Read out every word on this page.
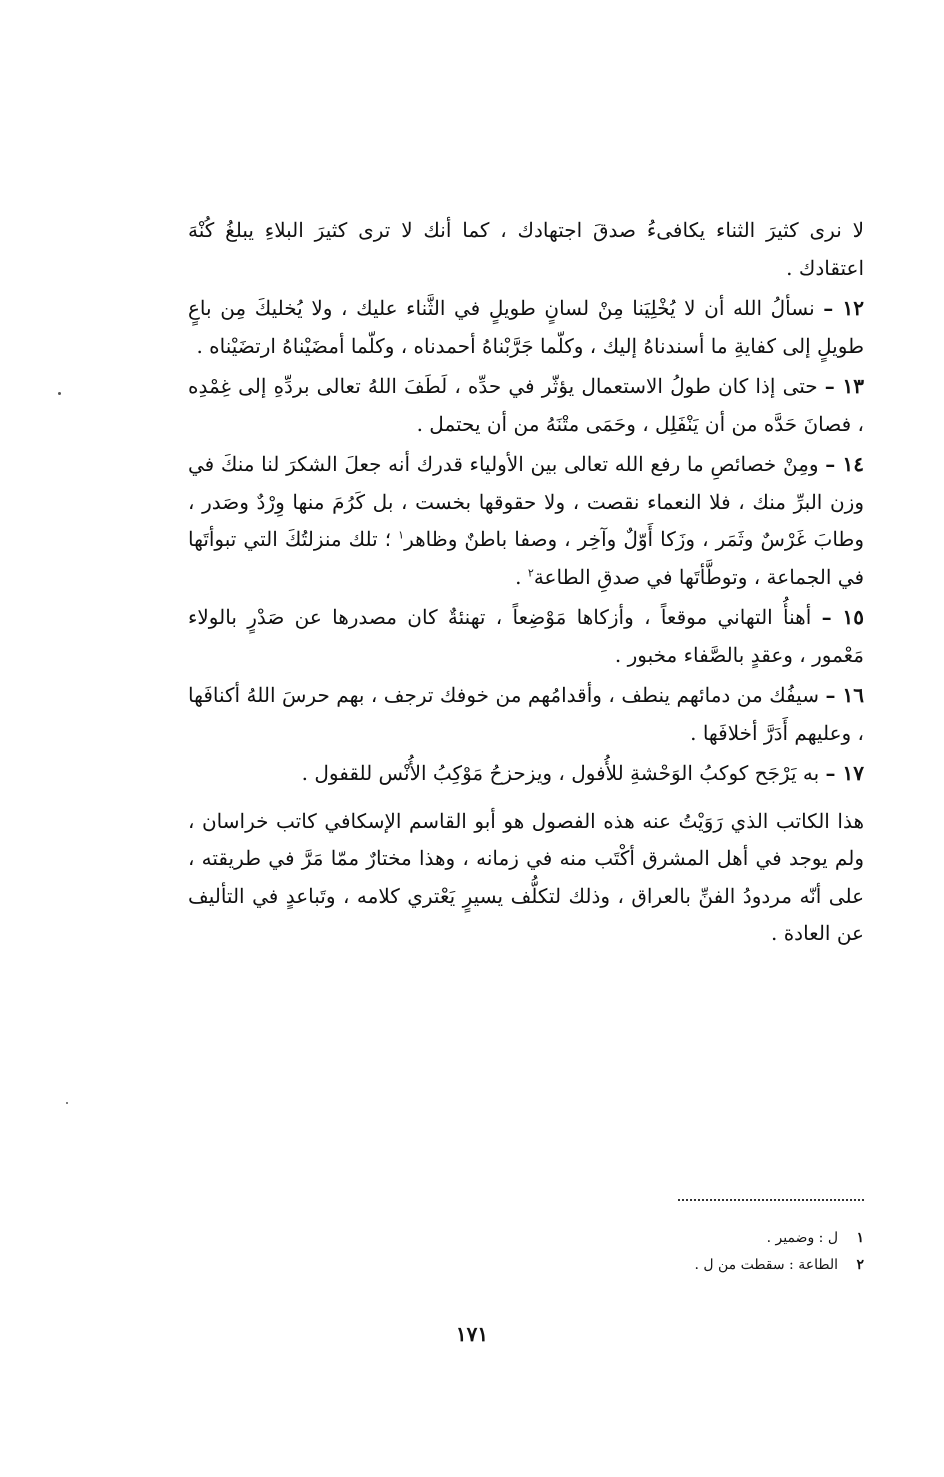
لا نرى كثيرَ الثناء يكافىءُ صدقَ اجتهادك ، كما أنك لا ترى كثيرَ البلاءِ يبلغُ كُنْهَ اعتقادك .

١٢ – نسألُ الله أن لا يُخْلِيَنا مِنْ لسانٍ طويلٍ في الثَّناء عليك ، ولا يُخليكَ مِن باعٍ طويلٍ إلى كفايةِ ما أسندناهُ إليك ، وكلّما جَرَّبْناهُ أحمدناه ، وكلّما أمضَيْناهُ ارتضَيْناه .

١٣ – حتى إذا كان طولُ الاستعمال يؤثّر في حدِّه ، لَطَفَ اللهُ تعالى بردِّهِ إلى غِمْدِه ، فصانَ حَدَّه من أن يَنْفَلِل ، وحَمَى متْنَهُ من أن يحتمل .

١٤ – ومِنْ خصائصِ ما رفع الله تعالى بين الأولياء قدرك أنه جعلَ الشكرَ لنا منكَ في وزن البرِّ منك ، فلا النعماء نقصت ، ولا حقوقها بخست ، بل كَرُمَ منها وِرْدٌ وصَدر ، وطابَ غَرْسٌ وثَمَر ، وزَكا أَوّلٌ وآخِر ، وصفا باطنٌ وظاهر$^١$ ؛ تلك منزلتُكَ التي تبوأتَها في الجماعة ، وتوطَّأتَها في صدقِ الطاعة$^٢$ .

١٥ – أهنأُ التهاني موقعاً ، وأزكاها مَوْضِعاً ، تهنئةٌ كان مصدرها عن صَدْرٍ بالولاء مَعْمور ، وعقدٍ بالصَّفاء مخبور .

١٦ – سيفُك من دمائهم ينطف ، وأقدامُهم من خوفك ترجف ، بهم حرسَ اللهُ أكنافَها ، وعليهم أَدَرَّ أخلافَها .

١٧ – به يَرْجَح كوكبُ الوَحْشةِ للأُفول ، ويزحزحُ مَوْكِبُ الأُنْس للقفول .

هذا الكاتب الذي رَوَيْتُ عنه هذه الفصول هو أبو القاسم الإسكافي كاتب خراسان ، ولم يوجد في أهل المشرق أكْتَب منه في زمانه ، وهذا مختارٌ ممّا مَرَّ في طريقته ، على أنّه مردودُ الفنِّ بالعراق ، وذلك لتكلُّف يسيرٍ يَعْتري كلامه ، وتَباعدٍ في التأليف عن العادة .

١ل : وضمير .
٢الطاعة : سقطت من ل .
١٧١
